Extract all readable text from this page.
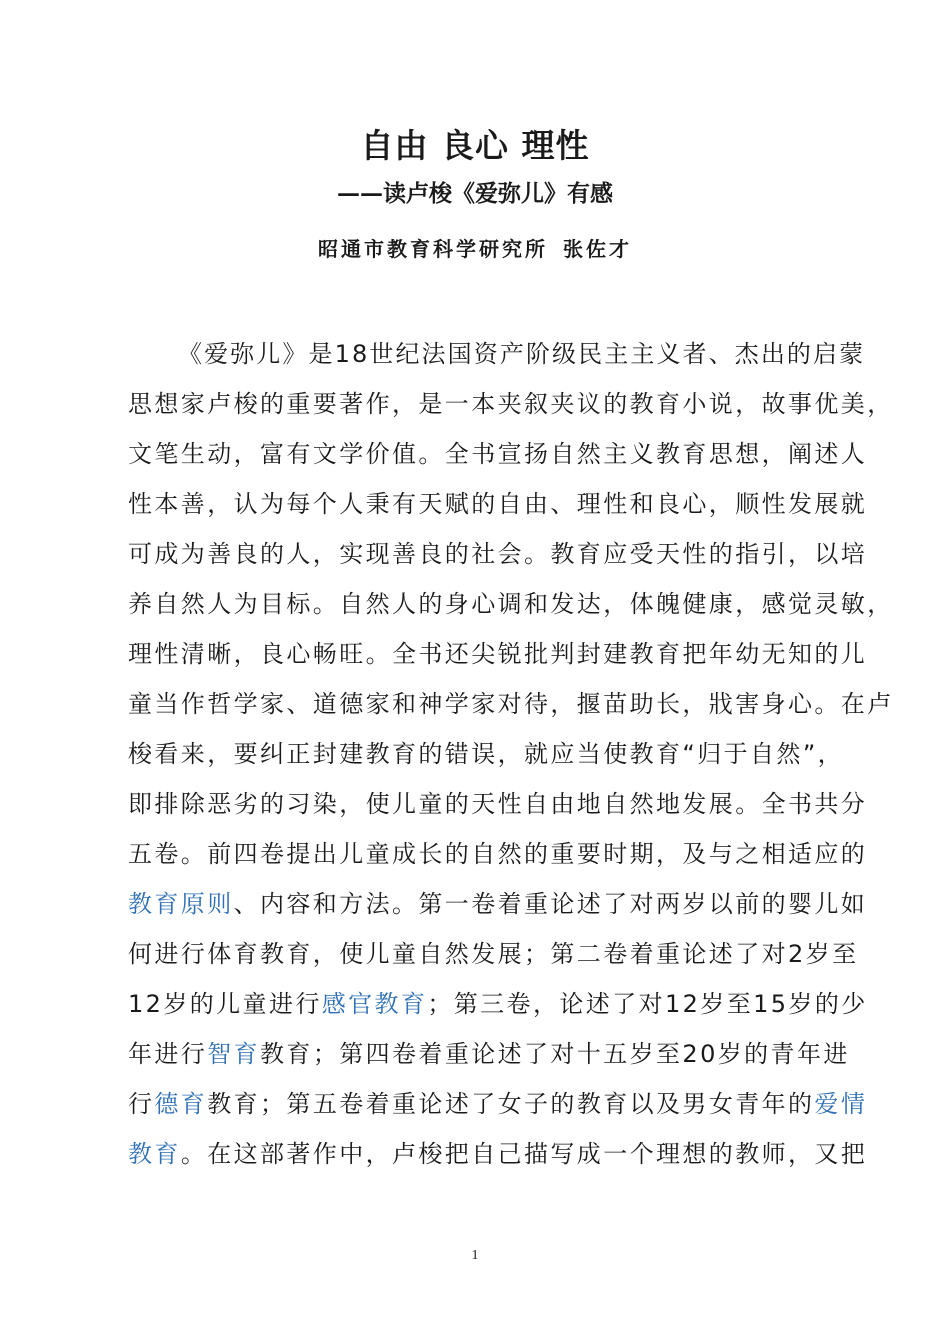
自由 良心 理性
——读卢梭《爱弥儿》有感
昭通市教育科学研究所 张佐才
《爱弥儿》是18世纪法国资产阶级民主主义者、杰出的启蒙
思想家卢梭的重要著作，是一本夹叙夹议的教育小说，故事优美，
文笔生动，富有文学价值。全书宣扬自然主义教育思想，阐述人
性本善，认为每个人秉有天赋的自由、理性和良心，顺性发展就
可成为善良的人，实现善良的社会。教育应受天性的指引，以培
养自然人为目标。自然人的身心调和发达，体魄健康，感觉灵敏，
理性清晰，良心畅旺。全书还尖锐批判封建教育把年幼无知的儿
童当作哲学家、道德家和神学家对待，揠苗助长，戕害身心。在卢
梭看来，要纠正封建教育的错误，就应当使教育“归于自然”，
即排除恶劣的习染，使儿童的天性自由地自然地发展。全书共分
五卷。前四卷提出儿童成长的自然的重要时期，及与之相适应的
教育原则、内容和方法。第一卷着重论述了对两岁以前的婴儿如
何进行体育教育，使儿童自然发展；第二卷着重论述了对2岁至
12岁的儿童进行感官教育；第三卷，论述了对12岁至15岁的少
年进行智育教育；第四卷着重论述了对十五岁至20岁的青年进
行德育教育；第五卷着重论述了女子的教育以及男女青年的爱情
教育。在这部著作中，卢梭把自己描写成一个理想的教师，又把
1
